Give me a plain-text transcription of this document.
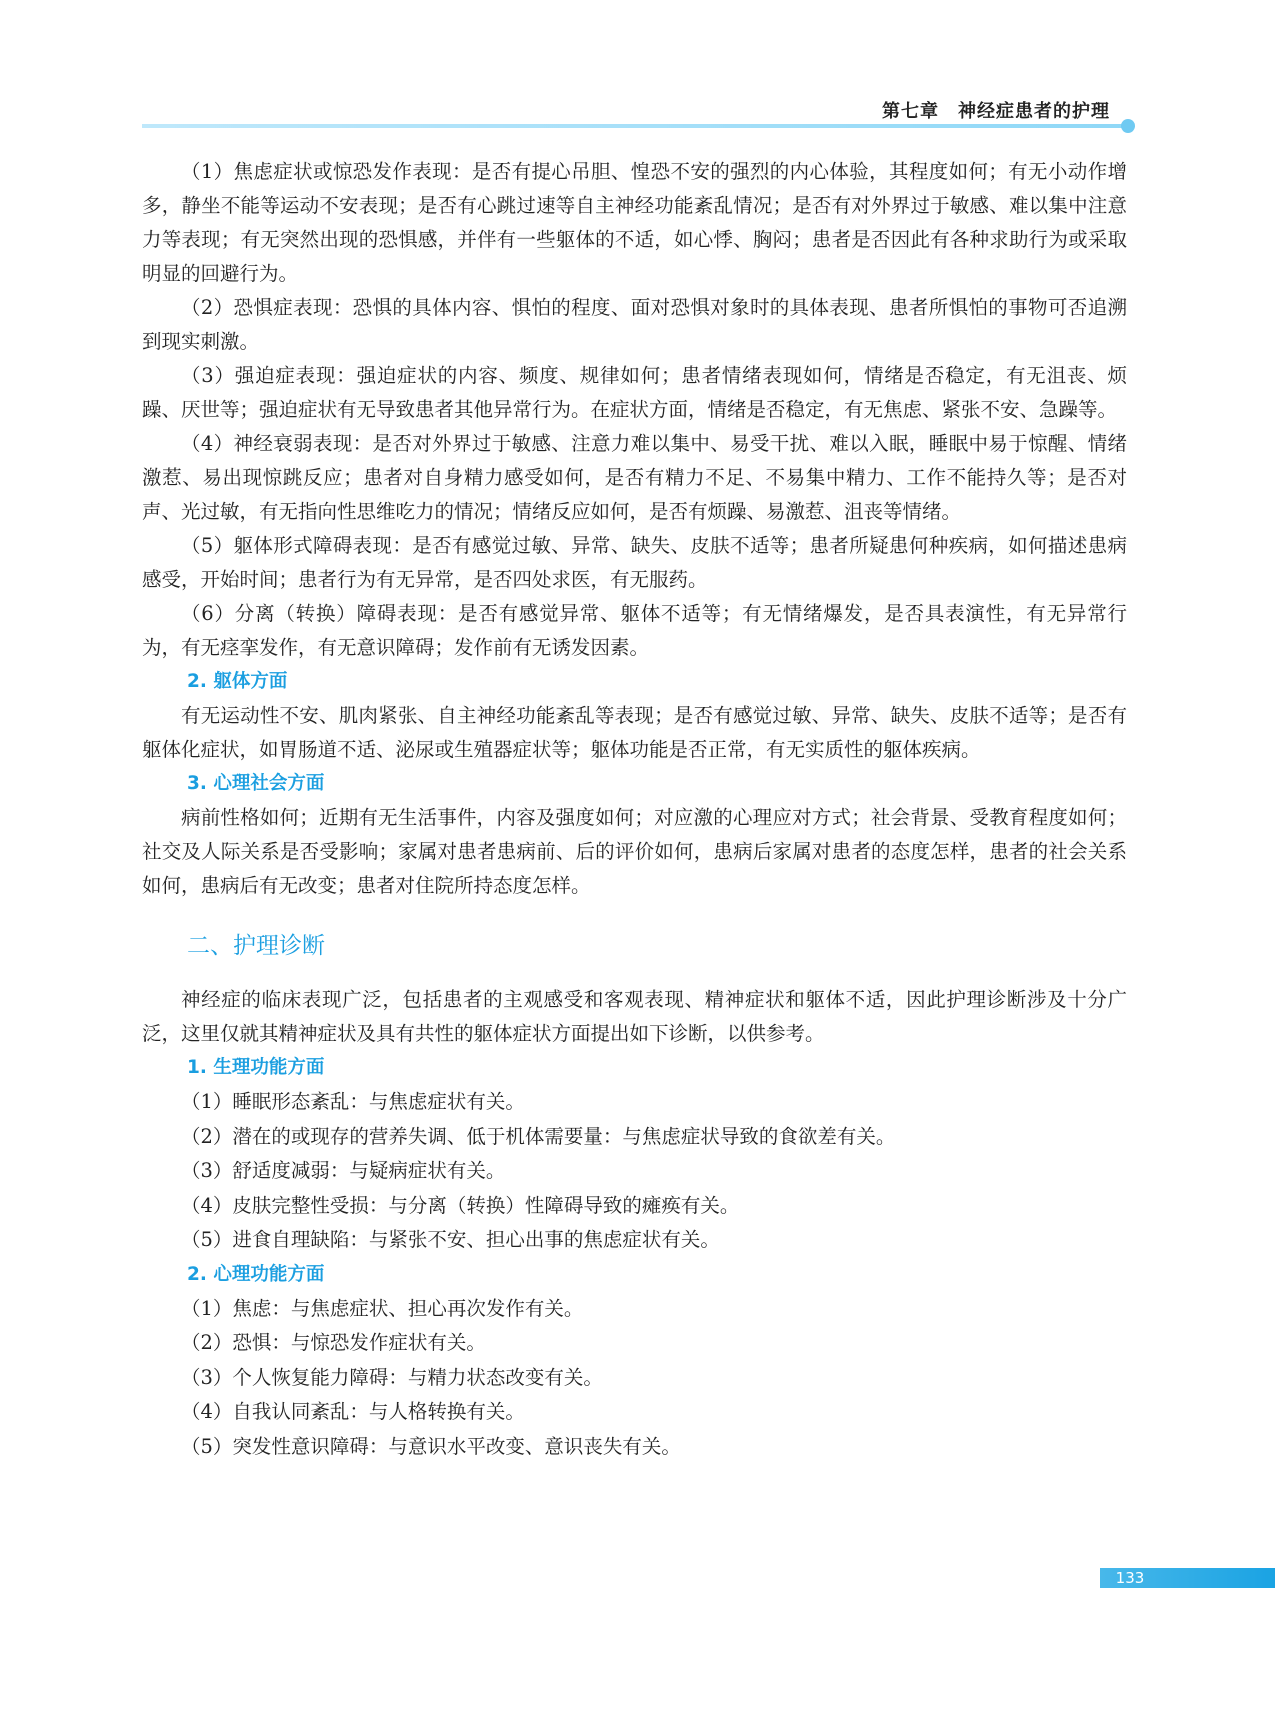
第七章　神经症患者的护理

（1）焦虑症状或惊恐发作表现：是否有提心吊胆、惶恐不安的强烈的内心体验，其程度如何；有无小动作增多，静坐不能等运动不安表现；是否有心跳过速等自主神经功能紊乱情况；是否有对外界过于敏感、难以集中注意力等表现；有无突然出现的恐惧感，并伴有一些躯体的不适，如心悸、胸闷；患者是否因此有各种求助行为或采取明显的回避行为。

（2）恐惧症表现：恐惧的具体内容、惧怕的程度、面对恐惧对象时的具体表现、患者所惧怕的事物可否追溯到现实刺激。

（3）强迫症表现：强迫症状的内容、频度、规律如何；患者情绪表现如何，情绪是否稳定，有无沮丧、烦躁、厌世等；强迫症状有无导致患者其他异常行为。在症状方面，情绪是否稳定，有无焦虑、紧张不安、急躁等。

（4）神经衰弱表现：是否对外界过于敏感、注意力难以集中、易受干扰、难以入眠，睡眠中易于惊醒、情绪激惹、易出现惊跳反应；患者对自身精力感受如何，是否有精力不足、不易集中精力、工作不能持久等；是否对声、光过敏，有无指向性思维吃力的情况；情绪反应如何，是否有烦躁、易激惹、沮丧等情绪。

（5）躯体形式障碍表现：是否有感觉过敏、异常、缺失、皮肤不适等；患者所疑患何种疾病，如何描述患病感受，开始时间；患者行为有无异常，是否四处求医，有无服药。

（6）分离（转换）障碍表现：是否有感觉异常、躯体不适等；有无情绪爆发，是否具表演性，有无异常行为，有无痉挛发作，有无意识障碍；发作前有无诱发因素。

2. 躯体方面

有无运动性不安、肌肉紧张、自主神经功能紊乱等表现；是否有感觉过敏、异常、缺失、皮肤不适等；是否有躯体化症状，如胃肠道不适、泌尿或生殖器症状等；躯体功能是否正常，有无实质性的躯体疾病。

3. 心理社会方面

病前性格如何；近期有无生活事件，内容及强度如何；对应激的心理应对方式；社会背景、受教育程度如何；社交及人际关系是否受影响；家属对患者患病前、后的评价如何，患病后家属对患者的态度怎样，患者的社会关系如何，患病后有无改变；患者对住院所持态度怎样。

二、护理诊断

神经症的临床表现广泛，包括患者的主观感受和客观表现、精神症状和躯体不适，因此护理诊断涉及十分广泛，这里仅就其精神症状及具有共性的躯体症状方面提出如下诊断，以供参考。

1. 生理功能方面
（1）睡眠形态紊乱：与焦虑症状有关。
（2）潜在的或现存的营养失调、低于机体需要量：与焦虑症状导致的食欲差有关。
（3）舒适度减弱：与疑病症状有关。
（4）皮肤完整性受损：与分离（转换）性障碍导致的瘫痪有关。
（5）进食自理缺陷：与紧张不安、担心出事的焦虑症状有关。
2. 心理功能方面
（1）焦虑：与焦虑症状、担心再次发作有关。
（2）恐惧：与惊恐发作症状有关。
（3）个人恢复能力障碍：与精力状态改变有关。
（4）自我认同紊乱：与人格转换有关。
（5）突发性意识障碍：与意识水平改变、意识丧失有关。
133
